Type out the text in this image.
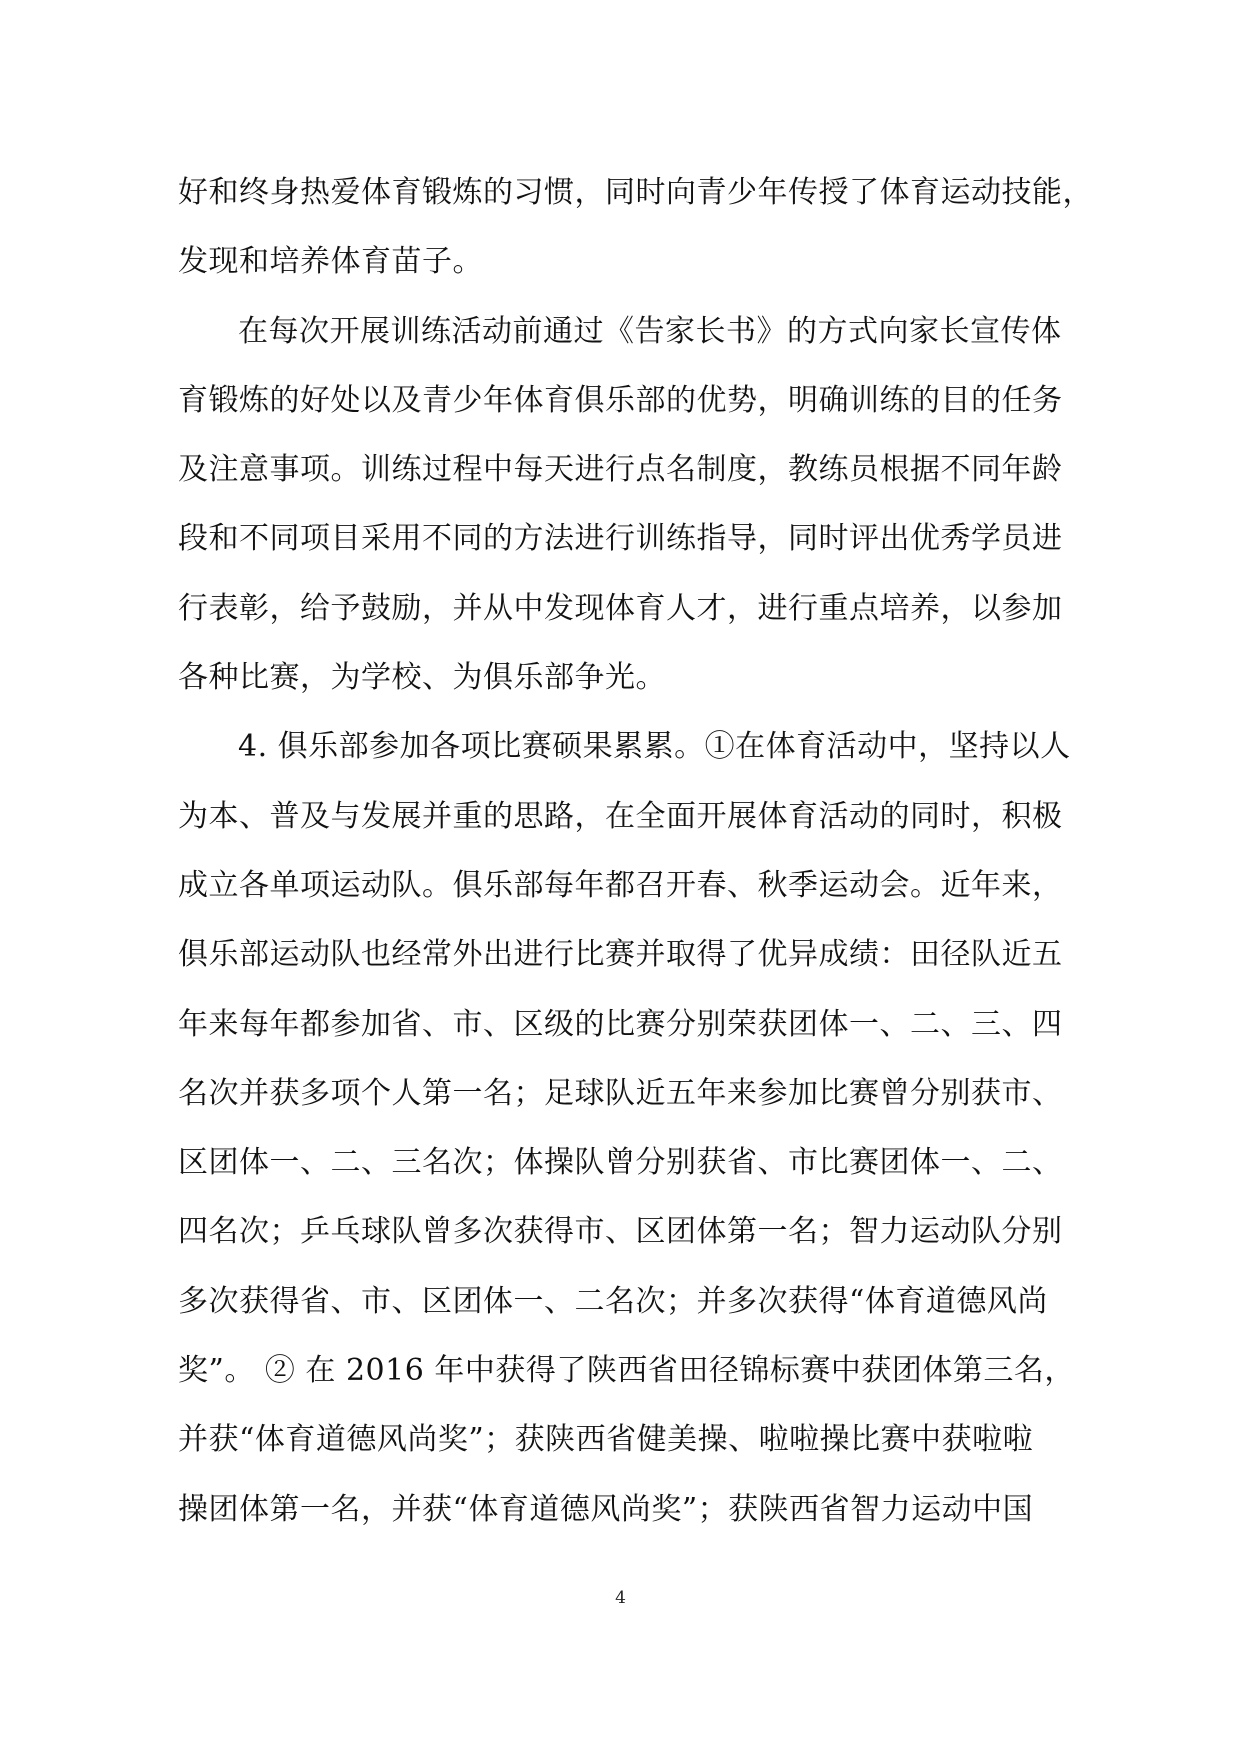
好和终身热爱体育锻炼的习惯，同时向青少年传授了体育运动技能，
发现和培养体育苗子。
在每次开展训练活动前通过《告家长书》的方式向家长宣传体
育锻炼的好处以及青少年体育俱乐部的优势，明确训练的目的任务
及注意事项。训练过程中每天进行点名制度，教练员根据不同年龄
段和不同项目采用不同的方法进行训练指导，同时评出优秀学员进
行表彰，给予鼓励，并从中发现体育人才，进行重点培养，以参加
各种比赛，为学校、为俱乐部争光。
4. 俱乐部参加各项比赛硕果累累。①在体育活动中，坚持以人
为本、普及与发展并重的思路，在全面开展体育活动的同时，积极
成立各单项运动队。俱乐部每年都召开春、秋季运动会。近年来，
俱乐部运动队也经常外出进行比赛并取得了优异成绩：田径队近五
年来每年都参加省、市、区级的比赛分别荣获团体一、二、三、四
名次并获多项个人第一名；足球队近五年来参加比赛曾分别获市、
区团体一、二、三名次；体操队曾分别获省、市比赛团体一、二、
四名次；乒乓球队曾多次获得市、区团体第一名；智力运动队分别
多次获得省、市、区团体一、二名次；并多次获得“体育道德风尚
奖”。 ② 在 2016 年中获得了陕西省田径锦标赛中获团体第三名，
并获“体育道德风尚奖”；获陕西省健美操、啦啦操比赛中获啦啦
操团体第一名，并获“体育道德风尚奖”；获陕西省智力运动中国
4
